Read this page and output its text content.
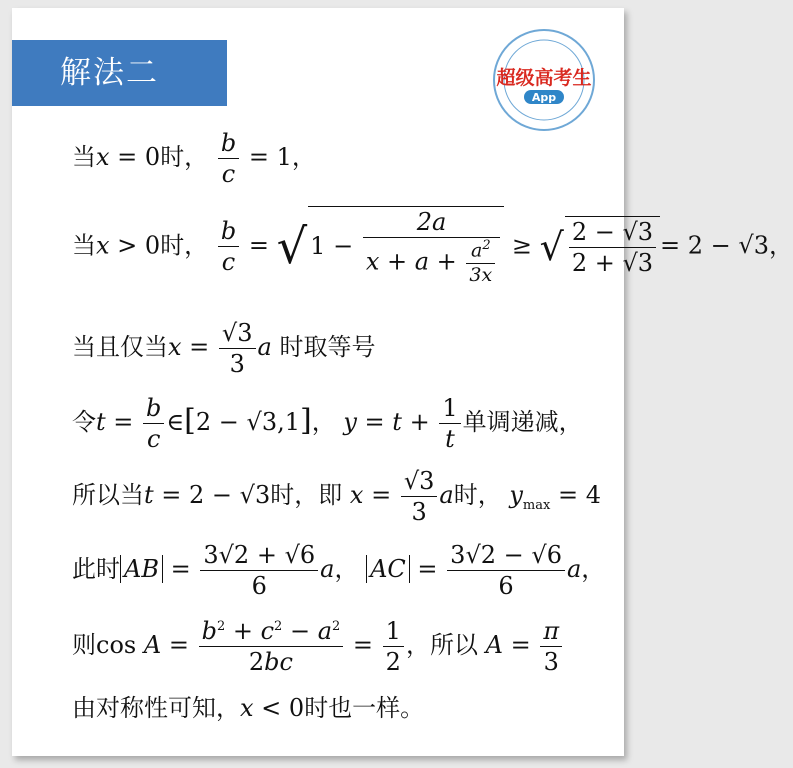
解法二	超级高考生
App
当x = 0时， $\frac{b}{c} = 1$，
当x > 0时， $\frac{b}{c}$ = √ $1 - \frac{2a}{x + a + \frac{a^2}{3x}}$ ≥ √ $\frac{2 - √ 3}{2 + √ 3} = 2$ − √ 3，
当且仅当x = √ $\frac{3}{3}$ a 时取等号
令$t = \frac{b}{c}$ ∈[2 − √ 3,1]， $y = t + \frac{1}{t}$ 单调递减，
所以当t = 2 − √ 3时，即 x = √ $\frac{3}{3}$ a时， $y_{max} = 4$
此时 AB = $\frac{3 √ 2 + √ 6}{6}$ a， AC = $\frac{3 √ 2 - √ 6}{6}$ a，
则$\cos A = \frac{b^2 + c^2 - a^2}{2bc} = \frac{1}{2}$ ，所以 $A = \frac{\pi}{3}$
由对称性可知，x < 0时也一样。
